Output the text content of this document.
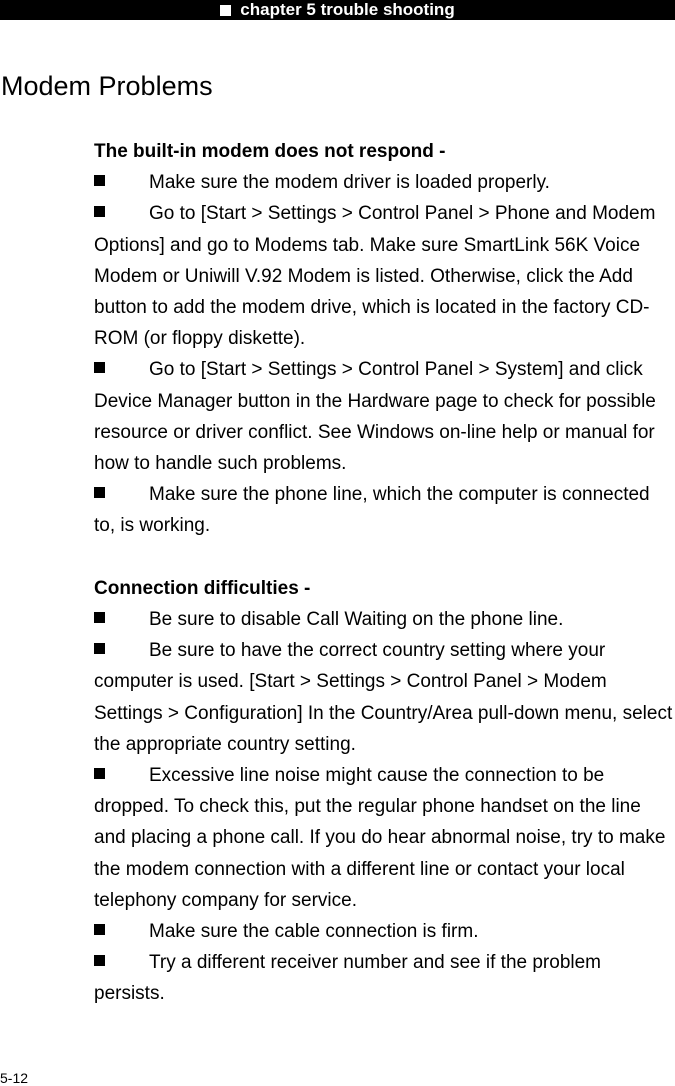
chapter 5 trouble shooting
Modem Problems

The built-in modem does not respond -

Make sure the modem driver is loaded properly.

Go to [Start > Settings > Control Panel > Phone and Modem Options] and go to Modems tab. Make sure SmartLink 56K Voice Modem or Uniwill V.92 Modem is listed. Otherwise, click the Add button to add the modem drive, which is located in the factory CD-ROM (or floppy diskette).

Go to [Start > Settings > Control Panel > System] and click Device Manager button in the Hardware page to check for possible resource or driver conflict. See Windows on-line help or manual for how to handle such problems.

Make sure the phone line, which the computer is connected to, is working.

Connection difficulties -

Be sure to disable Call Waiting on the phone line.

Be sure to have the correct country setting where your computer is used. [Start > Settings > Control Panel > Modem Settings > Configuration] In the Country/Area pull-down menu, select the appropriate country setting.

Excessive line noise might cause the connection to be dropped. To check this, put the regular phone handset on the line and placing a phone call. If you do hear abnormal noise, try to make the modem connection with a different line or contact your local telephony company for service.

Make sure the cable connection is firm.

Try a different receiver number and see if the problem persists.

5-12
